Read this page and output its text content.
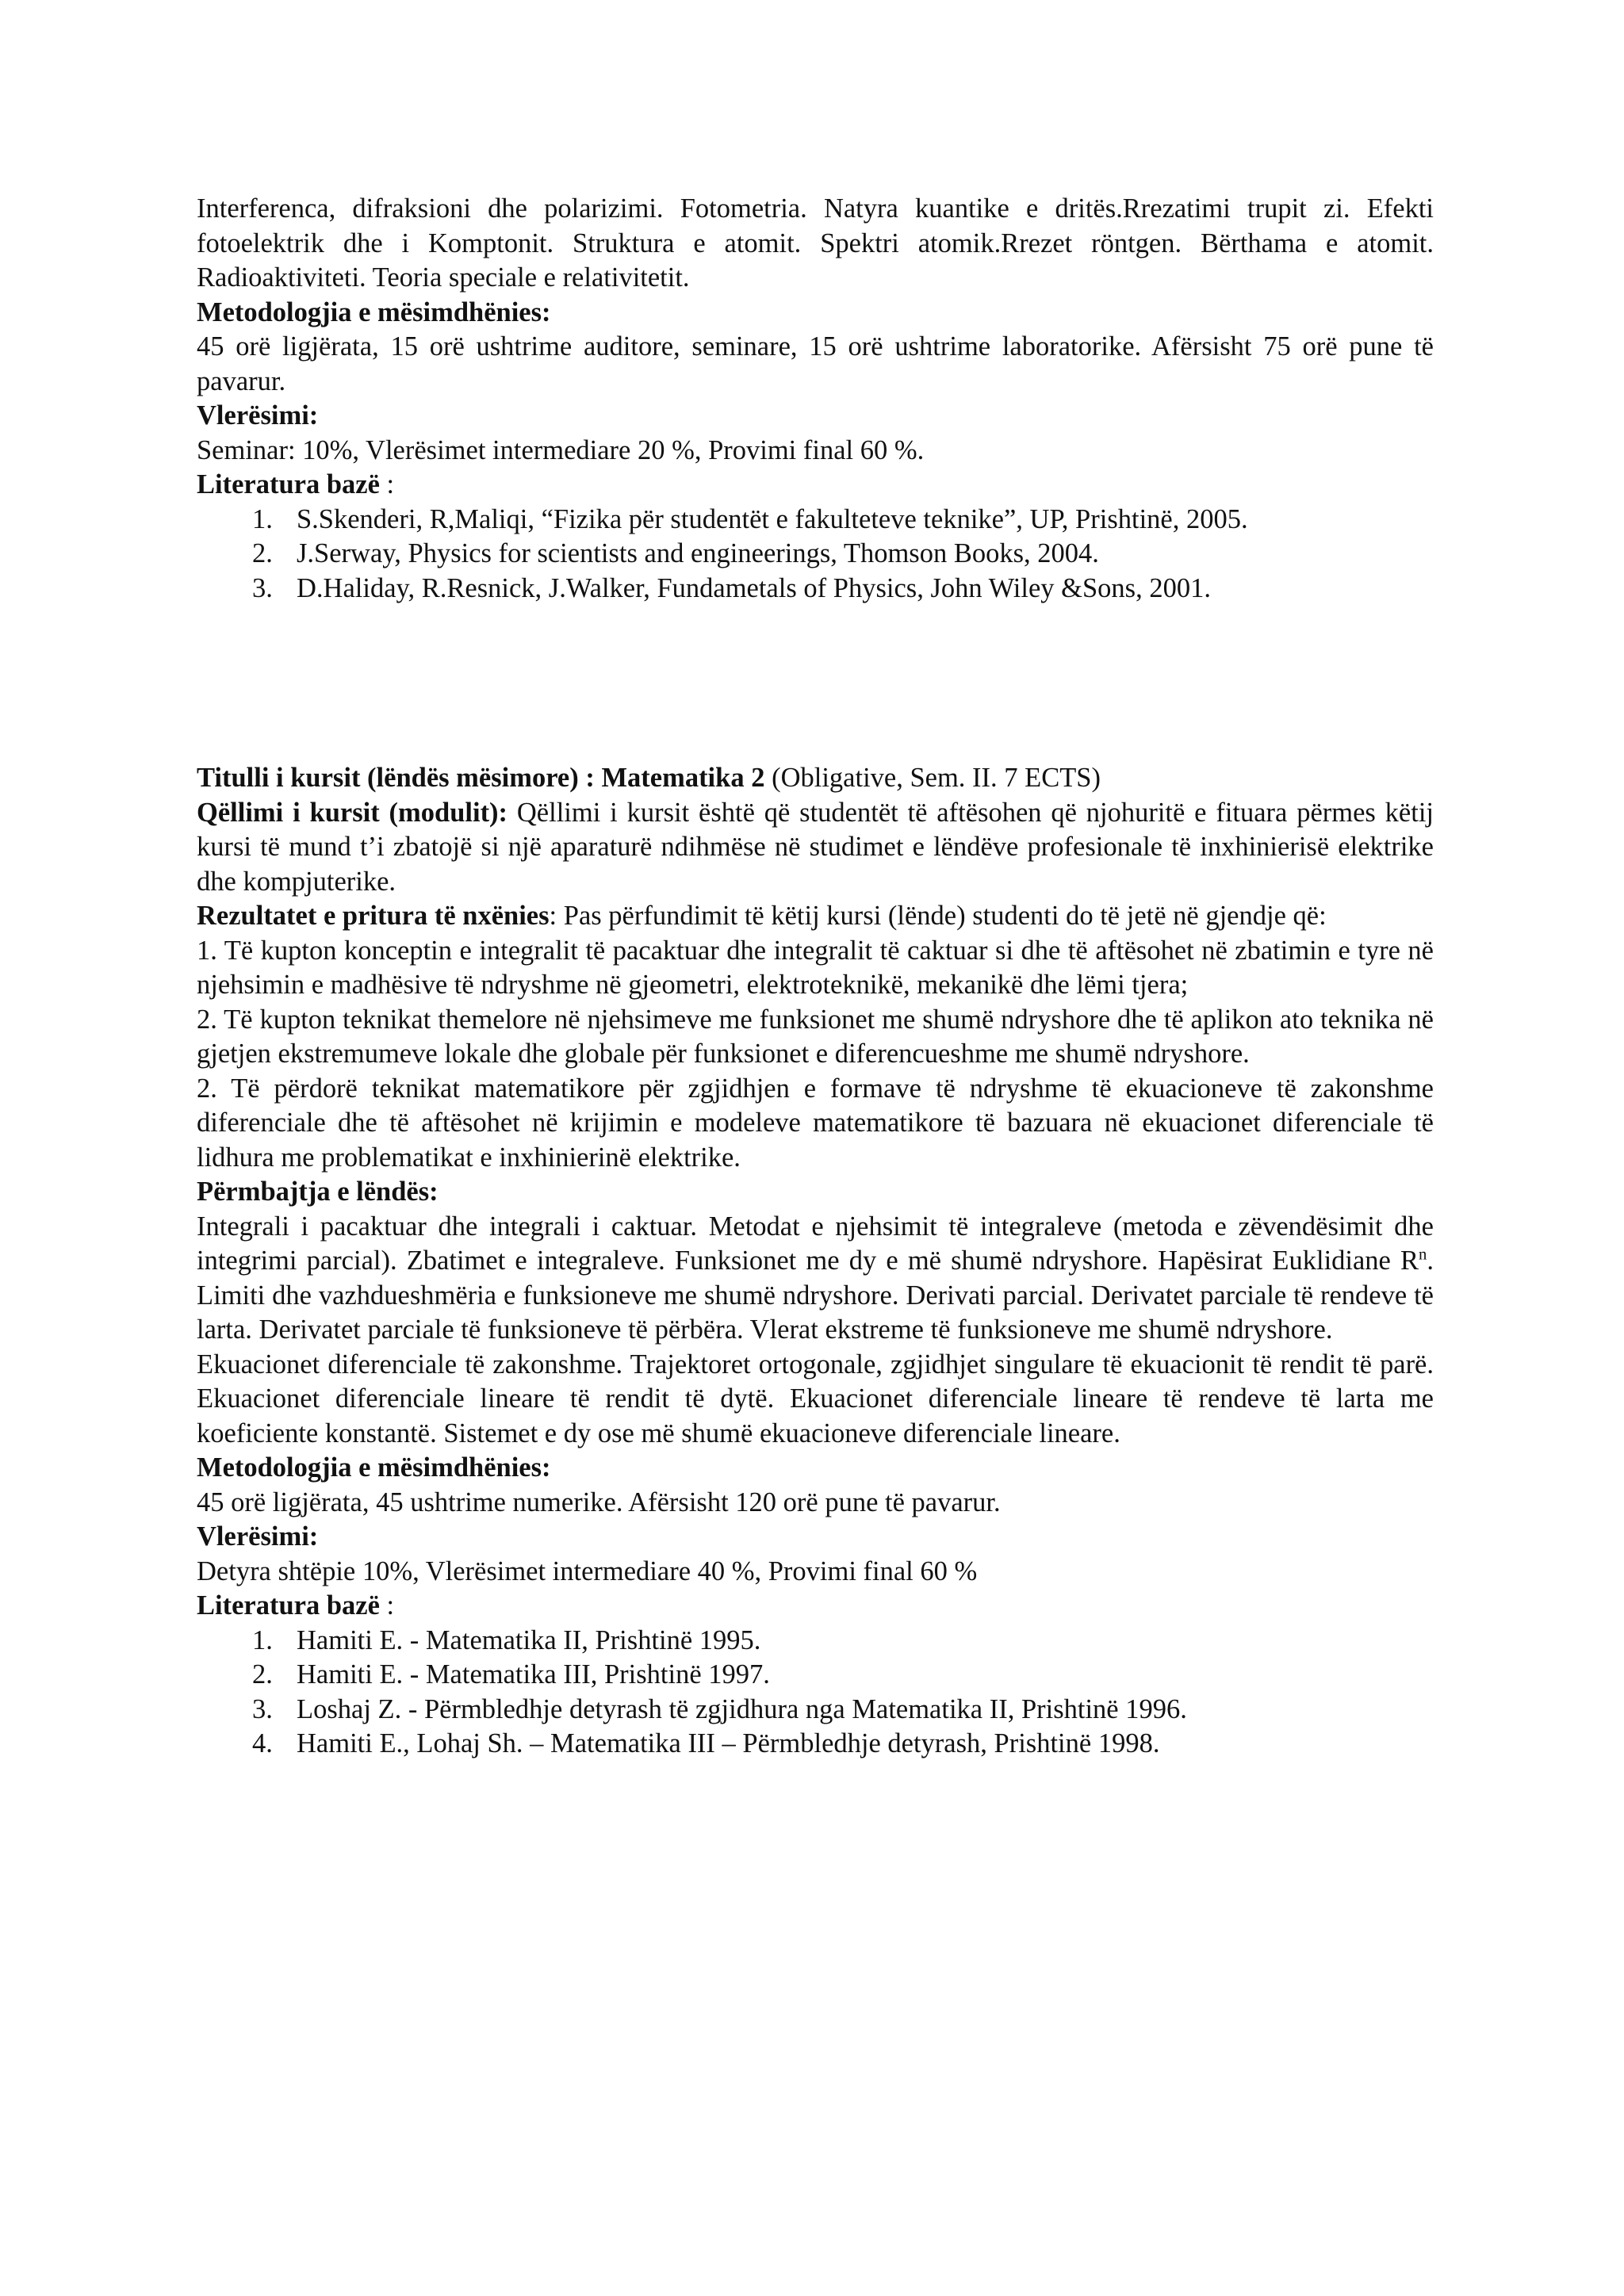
Interferenca, difraksioni dhe polarizimi. Fotometria. Natyra kuantike e dritës.Rrezatimi trupit zi. Efekti fotoelektrik dhe i Komptonit. Struktura e atomit. Spektri atomik.Rrezet röntgen. Bërthama e atomit. Radioaktiviteti. Teoria speciale e relativitetit.

Metodologjia e mësimdhënies:

45 orë ligjërata, 15 orë ushtrime auditore, seminare, 15 orë ushtrime laboratorike. Afërsisht 75 orë pune të pavarur.

Vlerësimi:

Seminar: 10%, Vlerësimet intermediare 20 %, Provimi final 60 %.

Literatura bazë :

1. S.Skenderi, R,Maliqi, “Fizika për studentët e fakulteteve teknike”, UP, Prishtinë, 2005.
2. J.Serway, Physics for scientists and engineerings, Thomson Books, 2004.
3. D.Haliday, R.Resnick, J.Walker, Fundametals of Physics, John Wiley &Sons, 2001.

Titulli i kursit (lëndës mësimore) : Matematika 2 (Obligative, Sem. II. 7 ECTS)

Qëllimi i kursit (modulit): Qëllimi i kursit është që studentët të aftësohen që njohuritë e fituara përmes këtij kursi të mund t’i zbatojë si një aparaturë ndihmëse në studimet e lëndëve profesionale të inxhinierisë elektrike dhe kompjuterike.

Rezultatet e pritura të nxënies: Pas përfundimit të këtij kursi (lënde) studenti do të jetë në gjendje që:

1. Të kupton konceptin e integralit të pacaktuar dhe integralit të caktuar si dhe të aftësohet në zbatimin e tyre në njehsimin e madhësive të ndryshme në gjeometri, elektroteknikë, mekanikë dhe lëmi tjera;

2. Të kupton teknikat themelore në njehsimeve me funksionet me shumë ndryshore dhe të aplikon ato teknika në gjetjen ekstremumeve lokale dhe globale për funksionet e diferencueshme me shumë ndryshore.

2. Të përdorë teknikat matematikore për zgjidhjen e formave të ndryshme të ekuacioneve të zakonshme diferenciale dhe të aftësohet në krijimin e modeleve matematikore të bazuara në ekuacionet diferenciale të lidhura me problematikat e inxhinierinë elektrike.

Përmbajtja e lëndës:

Integrali i pacaktuar dhe integrali i caktuar. Metodat e njehsimit të integraleve (metoda e zëvendësimit dhe integrimi parcial). Zbatimet e integraleve. Funksionet me dy e më shumë ndryshore. Hapësirat Euklidiane $R^n$. Limiti dhe vazhdueshmëria e funksioneve me shumë ndryshore. Derivati parcial. Derivatet parciale të rendeve të larta. Derivatet parciale të funksioneve të përbëra. Vlerat ekstreme të funksioneve me shumë ndryshore.

Ekuacionet diferenciale të zakonshme. Trajektoret ortogonale, zgjidhjet singulare të ekuacionit të rendit të parë. Ekuacionet diferenciale lineare të rendit të dytë. Ekuacionet diferenciale lineare të rendeve të larta me koeficiente konstantë. Sistemet e dy ose më shumë ekuacioneve diferenciale lineare.

Metodologjia e mësimdhënies:

45 orë ligjërata, 45 ushtrime numerike. Afërsisht 120 orë pune të pavarur.

Vlerësimi:

Detyra shtëpie 10%, Vlerësimet intermediare 40 %, Provimi final 60 %

Literatura bazë :

1. Hamiti E. - Matematika II, Prishtinë 1995.
2. Hamiti E. - Matematika III, Prishtinë 1997.
3. Loshaj Z. - Përmbledhje detyrash të zgjidhura nga Matematika II, Prishtinë 1996.
4. Hamiti E., Lohaj Sh. – Matematika III – Përmbledhje detyrash, Prishtinë 1998.
